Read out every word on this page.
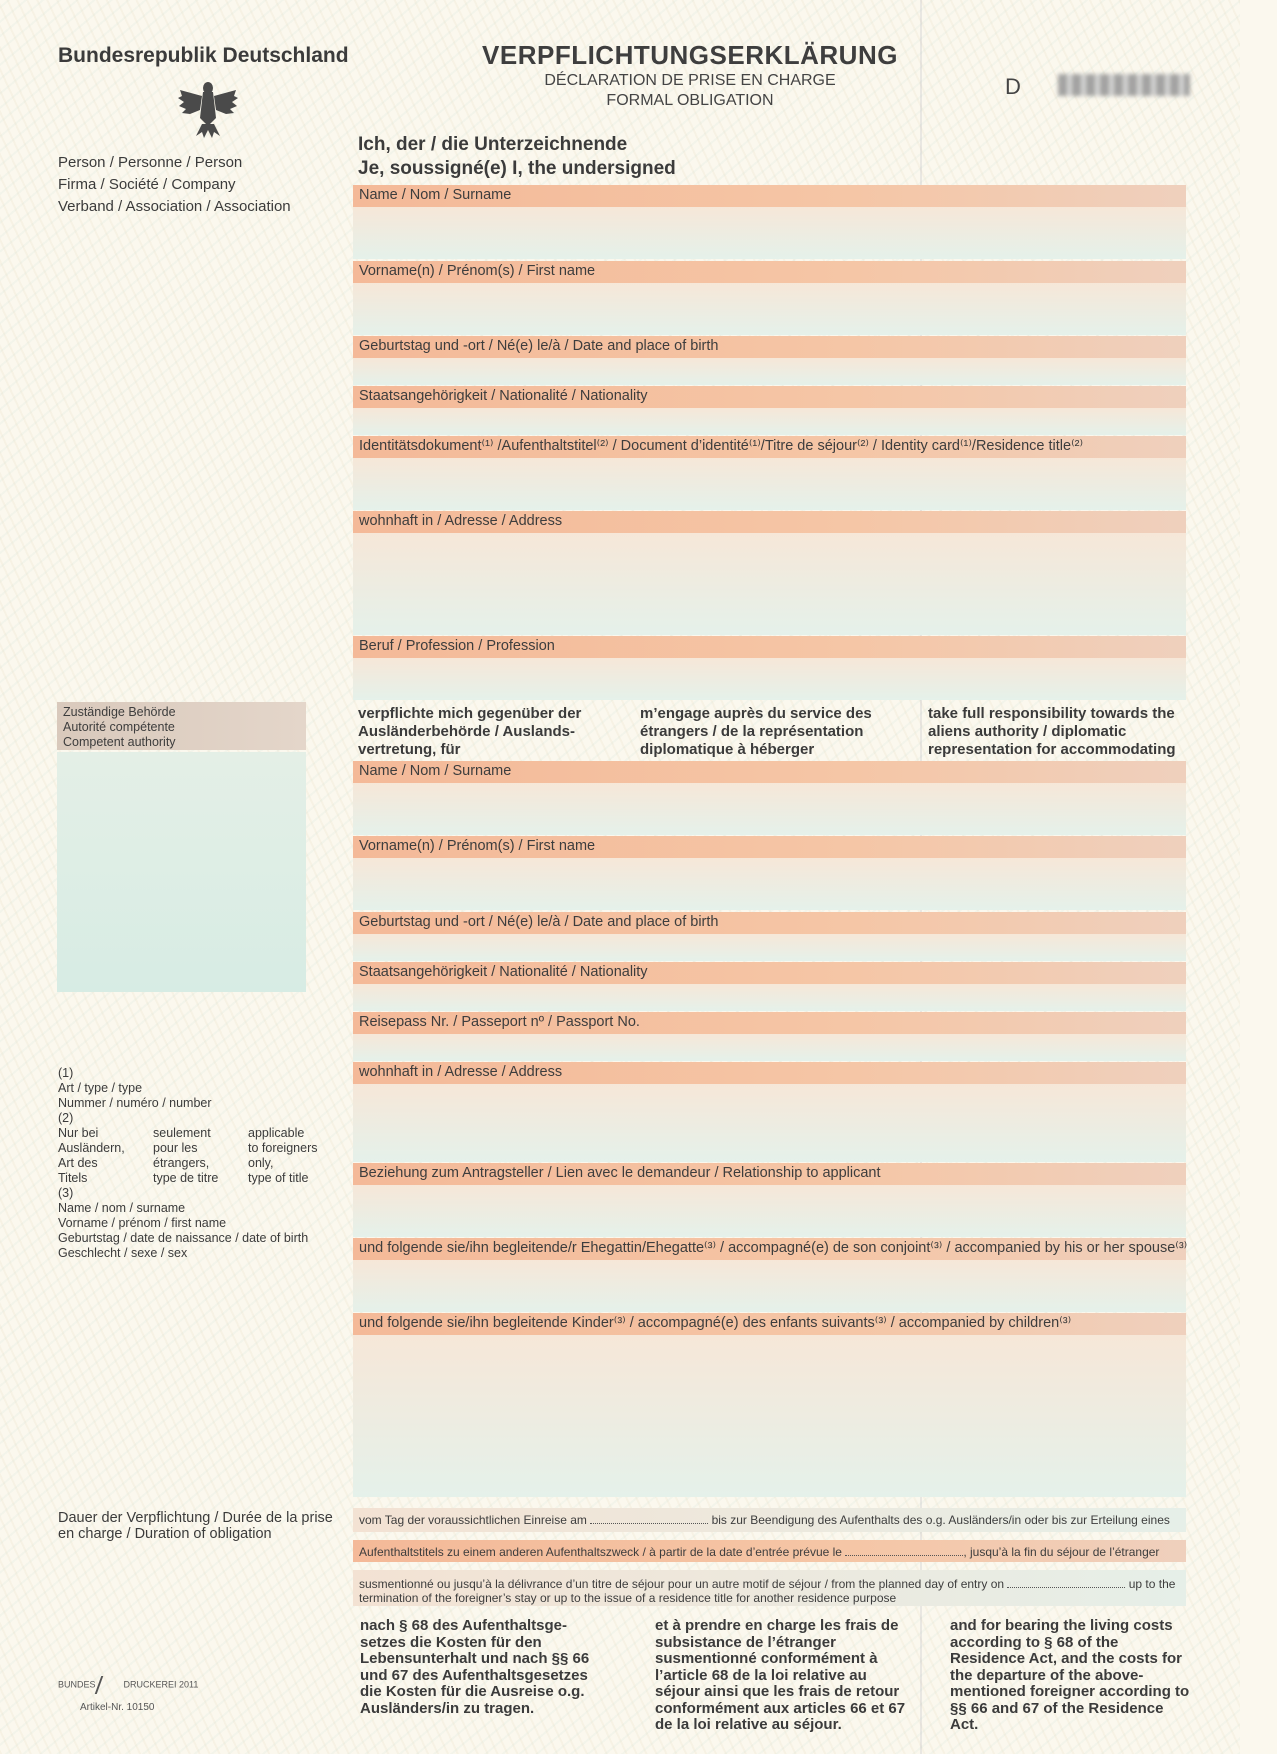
Bundesrepublik Deutschland	VERPFLICHTUNGSERKLÄRUNG
DÉCLARATION DE PRISE EN CHARGE
FORMAL OBLIGATION
D
Person / Personne / Person
Firma / Société / Company
Verband / Association / Association
Ich, der / die Unterzeichnende
Je, soussigné(e) I, the undersigned
Name / Nom / Surname
Vorname(n) / Prénom(s) / First name
Geburtstag und -ort / Né(e) le/à / Date and place of birth
Staatsangehörigkeit / Nationalité / Nationality
Identitätsdokument⁽¹⁾ /Aufenthaltstitel⁽²⁾ / Document d’identité⁽¹⁾/Titre de séjour⁽²⁾ / Identity card⁽¹⁾/Residence title⁽²⁾
wohnhaft in / Adresse / Address
Beruf / Profession / Profession
Zuständige Behörde
Autorité compétente
Competent authority
verpflichte mich gegenüber der Ausländerbehörde / Auslands-vertretung, für
m’engage auprès du service des étrangers / de la représentation diplomatique à héberger
take full responsibility towards the aliens authority / diplomatic representation for accommodating
Name / Nom / Surname
Vorname(n) / Prénom(s) / First name
Geburtstag und -ort / Né(e) le/à / Date and place of birth
Staatsangehörigkeit / Nationalité / Nationality
Reisepass Nr. / Passeport nº / Passport No.
wohnhaft in / Adresse / Address
Beziehung zum Antragsteller / Lien avec le demandeur / Relationship to applicant
und folgende sie/ihn begleitende/r Ehegattin/Ehegatte⁽³⁾ / accompagné(e) de son conjoint⁽³⁾ / accompanied by his or her spouse⁽³⁾
und folgende sie/ihn begleitende Kinder⁽³⁾ / accompagné(e) des enfants suivants⁽³⁾ / accompanied by children⁽³⁾
(1)
Art / type / type
Nummer / numéro / number
(2)
Nur bei	seulement	applicable
Ausländern,	pour les	to foreigners
Art des	étrangers,	only,
Titels	type de titre	type of title
(3)
Name / nom / surname
Vorname / prénom / first name
Geburtstag / date de naissance / date of birth
Geschlecht / sexe / sex
Dauer der Verpflichtung / Durée de la prise en charge / Duration of obligation
vom Tag der voraussichtlichen Einreise am	bis zur Beendigung des Aufenthalts des o.g. Ausländers/in oder bis zur Erteilung eines
Aufenthaltstitels zu einem anderen Aufenthaltszweck / à partir de la date d’entrée prévue le	, jusqu’à la fin du séjour de l’étranger
susmentionné ou jusqu’à la délivrance d’un titre de séjour pour un autre motif de séjour / from the planned day of entry on	up to the
termination of the foreigner’s stay or up to the issue of a residence title for another residence purpose
nach § 68 des Aufenthaltsge-setzes die Kosten für den Lebensunterhalt und nach §§ 66 und 67 des Aufenthaltsgesetzes die Kosten für die Ausreise o.g. Ausländers/in zu tragen.
et à prendre en charge les frais de subsistance de l’étranger susmentionné conformément à l’article 68 de la loi relative au séjour ainsi que les frais de retour conformément aux articles 66 et 67 de la loi relative au séjour.
and for bearing the living costs according to § 68 of the Residence Act, and the costs for the departure of the above-mentioned foreigner according to §§ 66 and 67 of the Residence Act.
BUNDES	DRUCKEREI 2011
Artikel-Nr. 10150
